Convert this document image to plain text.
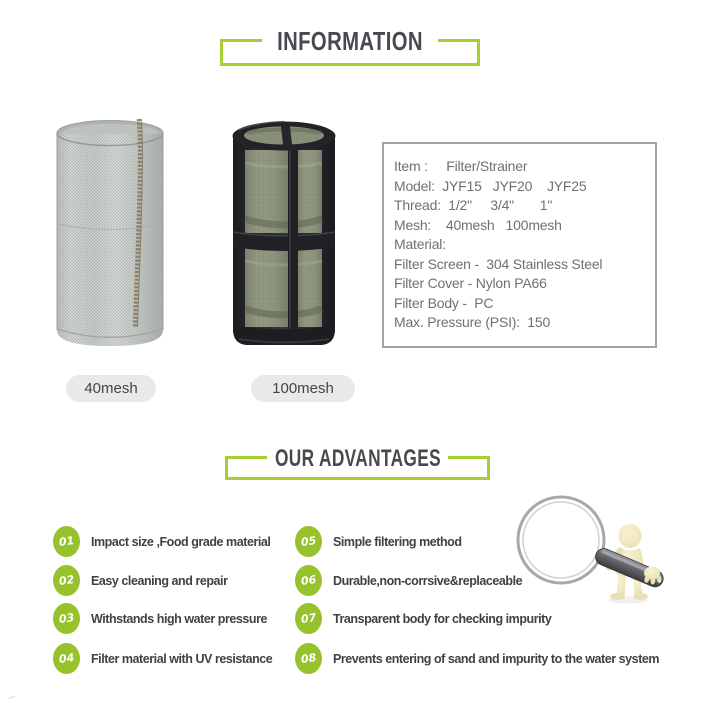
INFORMATION
40mesh	100mesh
Item :     Filter/Strainer
Model:  JYF15   JYF20    JYF25
Thread:  1/2"     3/4"       1"
Mesh:    40mesh   100mesh
Material:
Filter Screen -  304 Stainless Steel
Filter Cover - Nylon PA66
Filter Body -  PC
Max. Pressure (PSI):  150
OUR ADVANTAGES
01 Impact size ,Food grade material
02 Easy cleaning and repair
03 Withstands high water pressure
04 Filter material with UV resistance
05 Simple filtering method
06 Durable,non-corrsive&replaceable
07 Transparent body for checking impurity
08 Prevents entering of sand and impurity to the water system
